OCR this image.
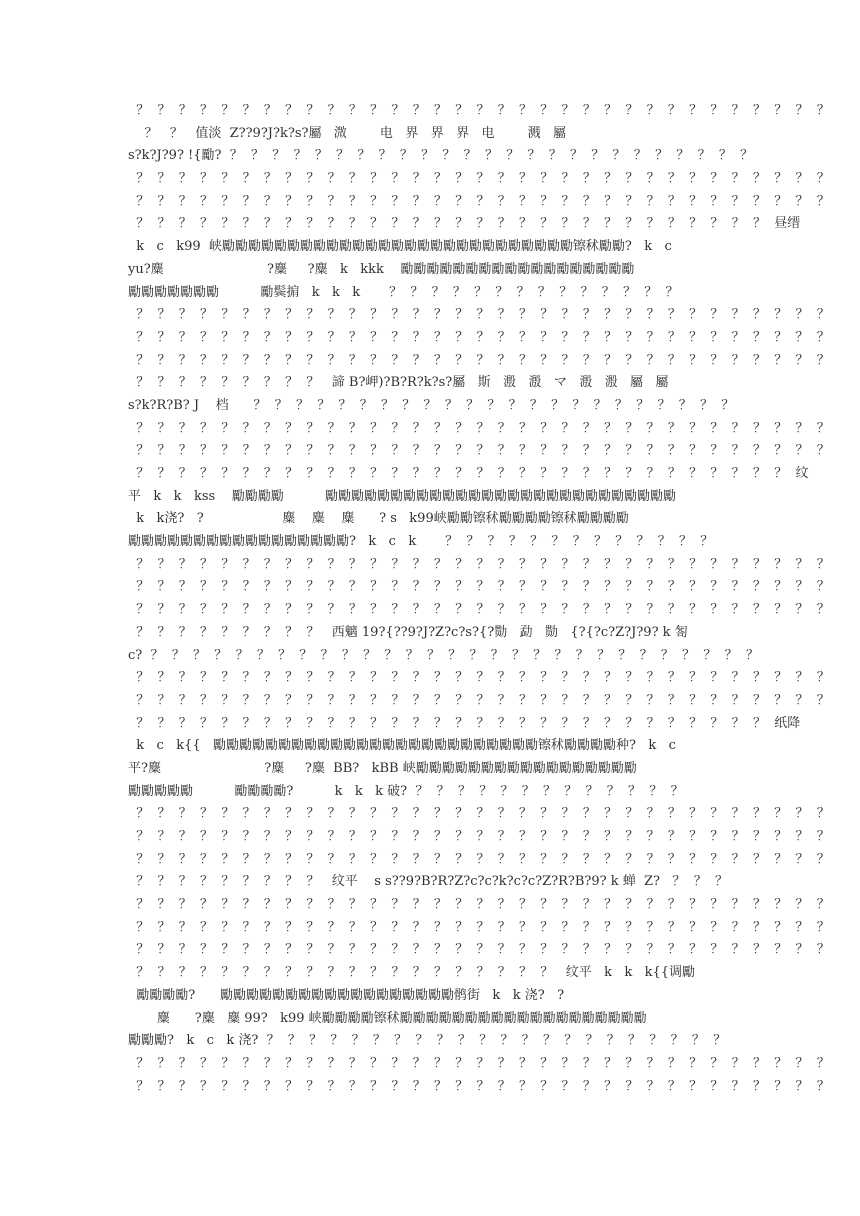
？  ？  ？  ？  ？  ？  ？  ？  ？  ？  ？  ？  ？  ？  ？  ？  ？  ？  ？  ？  ？  ？  ？  ？  ？  ？  ？  ？  ？  ？  ？  ？  ？
？   ？   值淡  Z??9?J?k?s?屬   溦        电   界   界   界   电        溅   屬
s?k?J?9? !{勵?  ？  ？  ？  ？  ？  ？  ？  ？  ？  ？  ？  ？  ？  ？  ？  ？  ？  ？  ？  ？  ？  ？  ？  ？  ？
？  ？  ？  ？  ？  ？  ？  ？  ？  ？  ？  ？  ？  ？  ？  ？  ？  ？  ？  ？  ？  ？  ？  ？  ？  ？  ？  ？  ？  ？  ？  ？  ？
？  ？  ？  ？  ？  ？  ？  ？  ？  ？  ？  ？  ？  ？  ？  ？  ？  ？  ？  ？  ？  ？  ？  ？  ？  ？  ？  ？  ？  ？  ？  ？  ？
？  ？  ？  ？  ？  ？  ？  ？  ？  ？  ？  ？  ？  ？  ？  ？  ？  ？  ？  ？  ？  ？  ？  ？  ？  ？  ？  ？  ？  ？  昼缙
k   c   k99  峡勵勵勵勵勵勵勵勵勵勵勵勵勵勵勵勵勵勵勵勵勵勵勵勵勵勵勵镲秫勵勵?   k   c
yu?麋                         ?麋     ?麋   k   kkk    勵勵勵勵勵勵勵勵勵勵勵勵勵勵勵勵勵勵
勵勵勵勵勵勵勵          勵鬓掮   k   k   k       ？  ？  ？  ？  ？  ？  ？  ？  ？  ？  ？  ？  ？  ？
？  ？  ？  ？  ？  ？  ？  ？  ？  ？  ？  ？  ？  ？  ？  ？  ？  ？  ？  ？  ？  ？  ？  ？  ？  ？  ？  ？  ？  ？  ？  ？  ？
？  ？  ？  ？  ？  ？  ？  ？  ？  ？  ？  ？  ？  ？  ？  ？  ？  ？  ？  ？  ？  ？  ？  ？  ？  ？  ？  ？  ？  ？  ？  ？  ？
？  ？  ？  ？  ？  ？  ？  ？  ？  ？  ？  ？  ？  ？  ？  ？  ？  ？  ？  ？  ？  ？  ？  ？  ？  ？  ？  ？  ？  ？  ？  ？  ？
？  ？  ？  ？  ？  ？  ？  ？  ？   諦 B?岬)?B?R?k?s?屬   斯   溵   溵   マ   溵   溵   屬   屬
s?k?R?B? J    档      ？  ？  ？  ？  ？  ？  ？  ？  ？  ？  ？  ？  ？  ？  ？  ？  ？  ？  ？  ？  ？  ？  ？
？  ？  ？  ？  ？  ？  ？  ？  ？  ？  ？  ？  ？  ？  ？  ？  ？  ？  ？  ？  ？  ？  ？  ？  ？  ？  ？  ？  ？  ？  ？  ？  ？
？  ？  ？  ？  ？  ？  ？  ？  ？  ？  ？  ？  ？  ？  ？  ？  ？  ？  ？  ？  ？  ？  ？  ？  ？  ？  ？  ？  ？  ？  ？  ？  ？
？  ？  ？  ？  ？  ？  ？  ？  ？  ？  ？  ？  ？  ？  ？  ？  ？  ？  ？  ？  ？  ？  ？  ？  ？  ？  ？  ？  ？  ？  ？  纹
平   k   k   kss    勵勵勵勵          勵勵勵勵勵勵勵勵勵勵勵勵勵勵勵勵勵勵勵勵勵勵勵勵勵勵勵
k   k浇?   ?                   麋    麋    麋      ? s   k99峡勵勵镲秫勵勵勵勵镲秫勵勵勵勵
勵勵勵勵勵勵勵勵勵勵勵勵勵勵勵勵勵?   k   c   k       ？  ？  ？  ？  ？  ？  ？  ？  ？  ？  ？  ？  ？
？  ？  ？  ？  ？  ？  ？  ？  ？  ？  ？  ？  ？  ？  ？  ？  ？  ？  ？  ？  ？  ？  ？  ？  ？  ？  ？  ？  ？  ？  ？  ？  ？
？  ？  ？  ？  ？  ？  ？  ？  ？  ？  ？  ？  ？  ？  ？  ？  ？  ？  ？  ？  ？  ？  ？  ？  ？  ？  ？  ？  ？  ？  ？  ？  ？
？  ？  ？  ？  ？  ？  ？  ？  ？  ？  ？  ？  ？  ？  ？  ？  ？  ？  ？  ？  ？  ？  ？  ？  ？  ？  ？  ？  ？  ？  ？  ？  ？
？  ？  ？  ？  ？  ？  ？  ？  ？   西魑 19?{??9?J?Z?c?s?{?勚   勐   勚   {?{?c?Z?J?9? k 匒
c?  ？  ？  ？  ？  ？  ？  ？  ？  ？  ？  ？  ？  ？  ？  ？  ？  ？  ？  ？  ？  ？  ？  ？  ？  ？  ？  ？  ？  ？
？  ？  ？  ？  ？  ？  ？  ？  ？  ？  ？  ？  ？  ？  ？  ？  ？  ？  ？  ？  ？  ？  ？  ？  ？  ？  ？  ？  ？  ？  ？  ？  ？
？  ？  ？  ？  ？  ？  ？  ？  ？  ？  ？  ？  ？  ？  ？  ？  ？  ？  ？  ？  ？  ？  ？  ？  ？  ？  ？  ？  ？  ？  ？  ？  ？
？  ？  ？  ？  ？  ？  ？  ？  ？  ？  ？  ？  ？  ？  ？  ？  ？  ？  ？  ？  ？  ？  ？  ？  ？  ？  ？  ？  ？  ？  纸降
k   c   k{{   勵勵勵勵勵勵勵勵勵勵勵勵勵勵勵勵勵勵勵勵勵勵勵勵勵镲秫勵勵勵勵种?   k   c
平?麋                         ?麋     ?麋  BB?   kBB 峡勵勵勵勵勵勵勵勵勵勵勵勵勵勵勵勵勵
勵勵勵勵勵          勵勵勵勵?          k   k   k 破?  ？  ？  ？  ？  ？  ？  ？  ？  ？  ？  ？  ？  ？
？  ？  ？  ？  ？  ？  ？  ？  ？  ？  ？  ？  ？  ？  ？  ？  ？  ？  ？  ？  ？  ？  ？  ？  ？  ？  ？  ？  ？  ？  ？  ？  ？
？  ？  ？  ？  ？  ？  ？  ？  ？  ？  ？  ？  ？  ？  ？  ？  ？  ？  ？  ？  ？  ？  ？  ？  ？  ？  ？  ？  ？  ？  ？  ？  ？
？  ？  ？  ？  ？  ？  ？  ？  ？  ？  ？  ？  ？  ？  ？  ？  ？  ？  ？  ？  ？  ？  ？  ？  ？  ？  ？  ？  ？  ？  ？  ？  ？
？  ？  ？  ？  ？  ？  ？  ？  ？   纹平    s s??9?B?R?Z?c?c?k?c?c?Z?R?B?9? k 蝉  Z?   ？  ？  ？
？  ？  ？  ？  ？  ？  ？  ？  ？  ？  ？  ？  ？  ？  ？  ？  ？  ？  ？  ？  ？  ？  ？  ？  ？  ？  ？  ？  ？  ？  ？  ？  ？
？  ？  ？  ？  ？  ？  ？  ？  ？  ？  ？  ？  ？  ？  ？  ？  ？  ？  ？  ？  ？  ？  ？  ？  ？  ？  ？  ？  ？  ？  ？  ？  ？
？  ？  ？  ？  ？  ？  ？  ？  ？  ？  ？  ？  ？  ？  ？  ？  ？  ？  ？  ？  ？  ？  ？  ？  ？  ？  ？  ？  ？  ？  ？  ？  ？
？  ？  ？  ？  ？  ？  ？  ？  ？  ？  ？  ？  ？  ？  ？  ？  ？  ？  ？  ？   纹平   k   k   k{{调勵
勵勵勵勵?      勵勵勵勵勵勵勵勵勵勵勵勵勵勵勵勵勵勵鹘街   k   k 浇?   ?
麋      ?麋   麋 99?   k99 峡勵勵勵勵镲秫勵勵勵勵勵勵勵勵勵勵勵勵勵勵勵勵勵勵勵
勵勵勵?   k   c   k 浇?  ？  ？  ？  ？  ？  ？  ？  ？  ？  ？  ？  ？  ？  ？  ？  ？  ？  ？  ？  ？  ？  ？
？  ？  ？  ？  ？  ？  ？  ？  ？  ？  ？  ？  ？  ？  ？  ？  ？  ？  ？  ？  ？  ？  ？  ？  ？  ？  ？  ？  ？  ？  ？  ？  ？
？  ？  ？  ？  ？  ？  ？  ？  ？  ？  ？  ？  ？  ？  ？  ？  ？  ？  ？  ？  ？  ？  ？  ？  ？  ？  ？  ？  ？  ？  ？  ？  ？
